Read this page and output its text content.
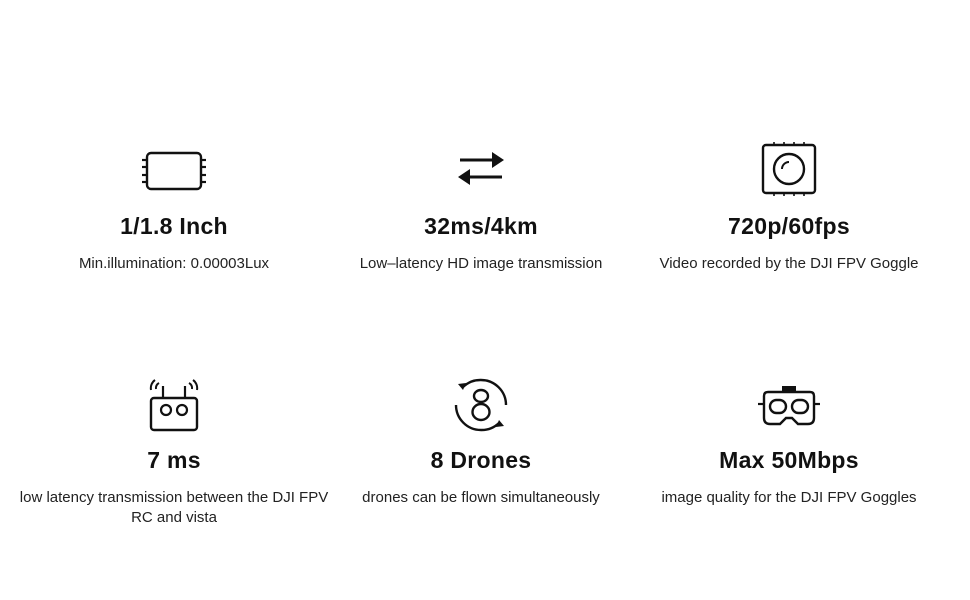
1/1.8 Inch
Min.illumination: 0.00003Lux
32ms/4km
Low–latency HD image transmission
720p/60fps
Video recorded by the DJI FPV Goggle
7 ms
low latency transmission between the DJI FPV RC and vista
8 Drones
drones can be flown simultaneously
Max 50Mbps
image quality for the DJI FPV Goggles
